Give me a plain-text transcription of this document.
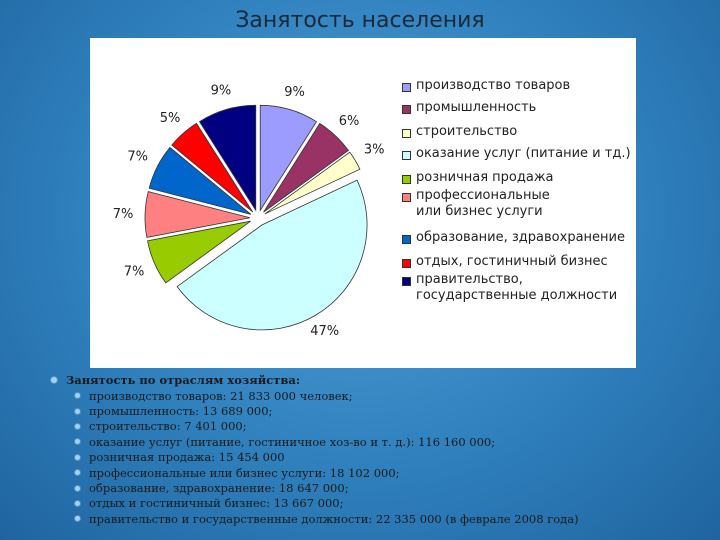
Занятость населения
9%
6%
3%
47%
7%
7%
7%
5%
9%	производство товаров
промышленность
строительство
оказание услуг (питание и тд.)
розничная продажа
профессиональные
или бизнес услуги
образование, здравохранение
отдых, гостиничный бизнес
правительство,
государственные должности
Занятость по отраслям хозяйства:
производство товаров: 21 833 000 человек;
промышленность: 13 689 000;
строительство: 7 401 000;
оказание услуг (питание, гостиничное хоз-во и т. д.): 116 160 000;
розничная продажа: 15 454 000
профессиональные или бизнес услуги: 18 102 000;
образование, здравохранение: 18 647 000;
отдых и гостиничный бизнес: 13 667 000;
правительство и государственные должности: 22 335 000 (в феврале 2008 года)
